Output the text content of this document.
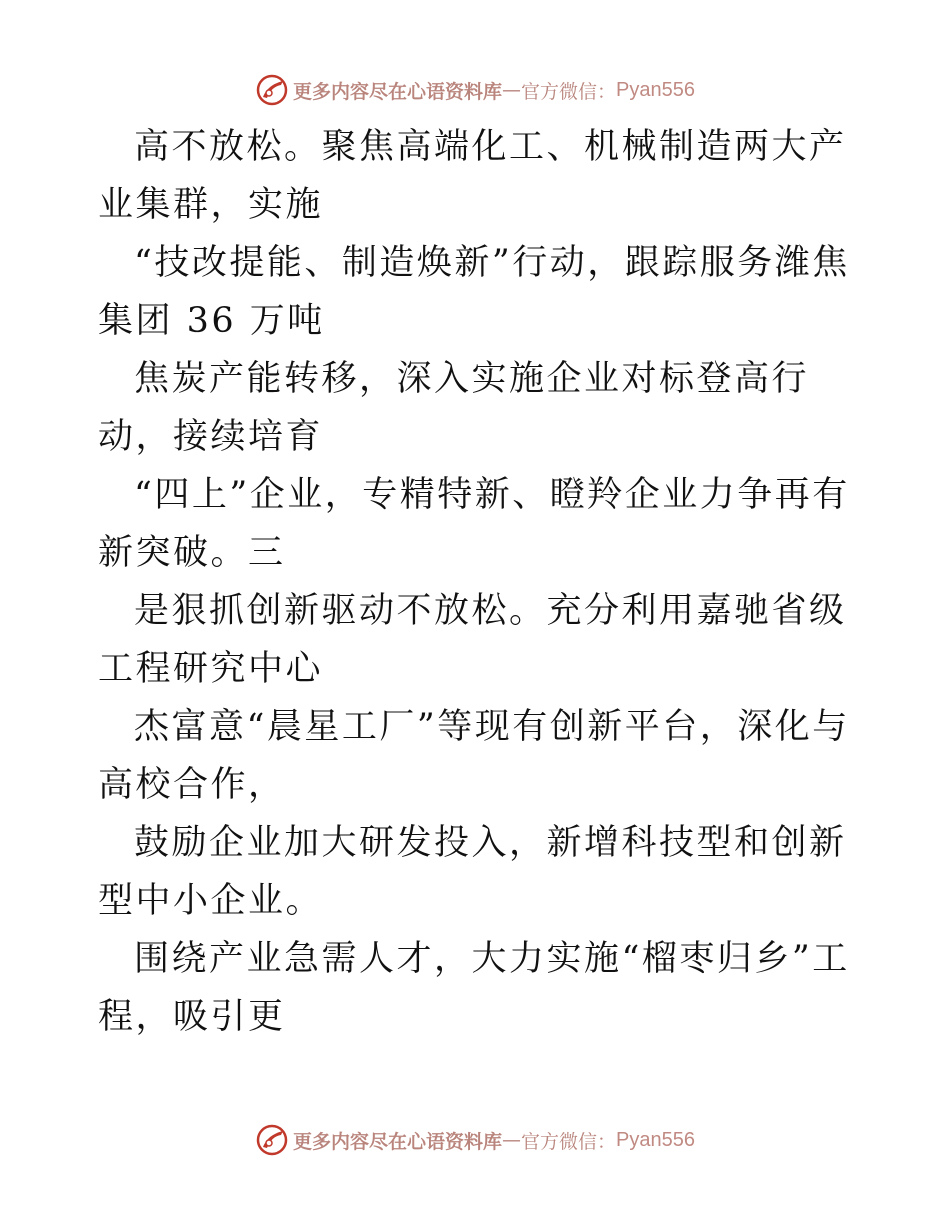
更多内容尽在心语资料库 — 官方微信： Pyan556

高不放松。聚焦高端化工、机械制造两大产业集群，实施

“技改提能、制造焕新”行动，跟踪服务潍焦集团 36 万吨

焦炭产能转移，深入实施企业对标登高行动，接续培育

“四上”企业，专精特新、瞪羚企业力争再有新突破。三

是狠抓创新驱动不放松。充分利用嘉驰省级工程研究中心

杰富意“晨星工厂”等现有创新平台，深化与高校合作，

鼓励企业加大研发投入，新增科技型和创新型中小企业。

围绕产业急需人才，大力实施“榴枣归乡”工程，吸引更

更多内容尽在心语资料库 — 官方微信： Pyan556
